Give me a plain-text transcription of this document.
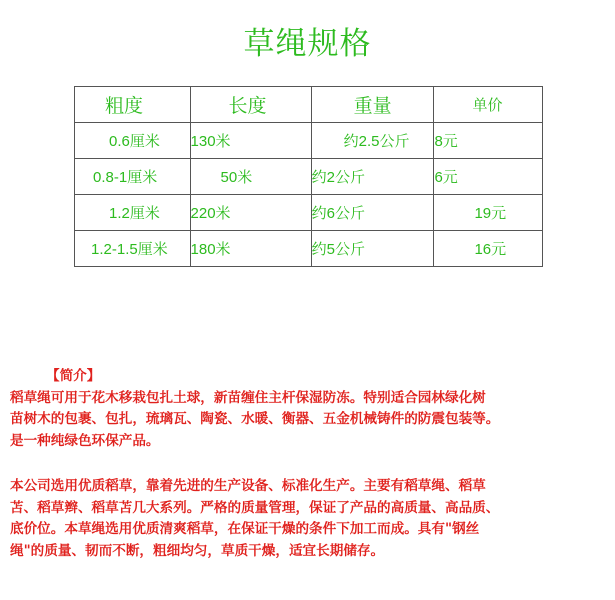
草绳规格
粗度	长度	重量	单价
0.6厘米	130米	约2.5公斤	8元
0.8-1厘米	50米	约2公斤	6元
1.2厘米	220米	约6公斤	19元
1.2-1.5厘米	180米	约5公斤	16元
【简介】
稻草绳可用于花木移栽包扎土球，新苗缠住主杆保湿防冻。特别适合园林绿化树
苗树木的包裹、包扎，琉璃瓦、陶瓷、水暖、衡器、五金机械铸件的防震包装等。
是一种纯绿色环保产品。
本公司选用优质稻草，靠着先进的生产设备、标准化生产。主要有稻草绳、稻草
苫、稻草辫、稻草苫几大系列。严格的质量管理，保证了产品的高质量、高品质、
底价位。本草绳选用优质清爽稻草，在保证干燥的条件下加工而成。具有"钢丝
绳"的质量、韧而不断，粗细均匀，草质干燥，适宜长期储存。
